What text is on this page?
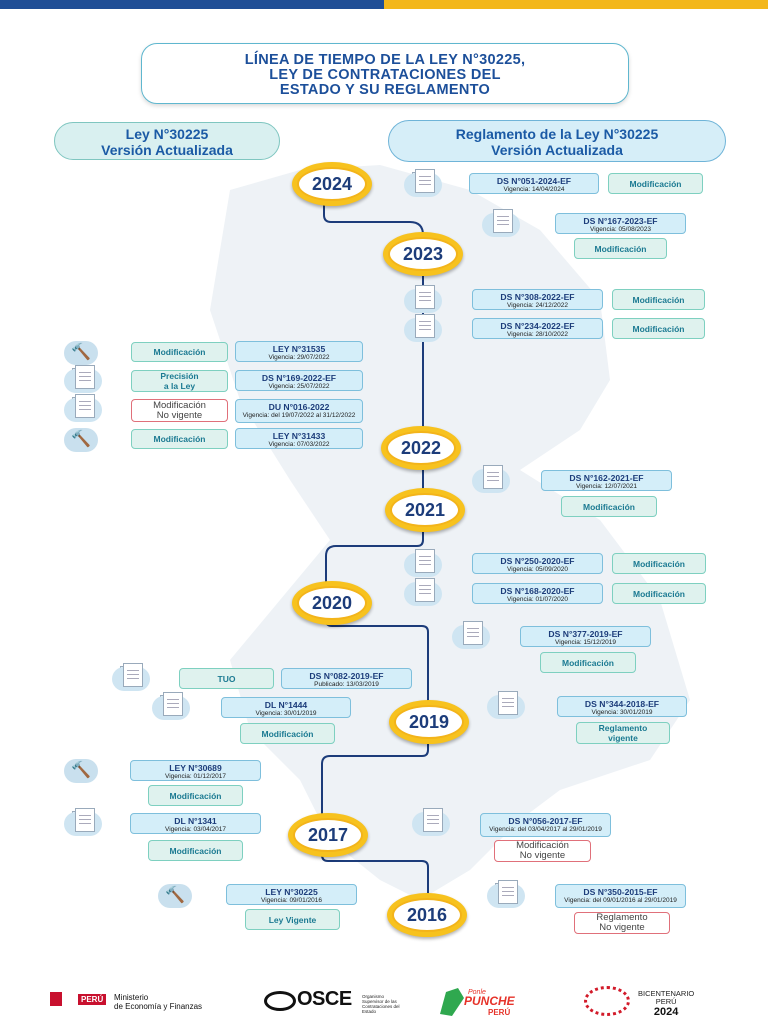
LÍNEA DE TIEMPO DE LA LEY N°30225,
LEY DE CONTRATACIONES DEL
ESTADO Y SU REGLAMENTO
Ley N°30225
Versión Actualizada
Reglamento de la Ley N°30225
Versión Actualizada
2024
2023
2022
2021
2020
2019
2017
2016
DS N°051-2024-EF
Vigencia: 14/04/2024
Modificación
DS N°167-2023-EF
Vigencia: 05/08/2023
Modificación
DS N°308-2022-EF
Vigencia: 24/12/2022
Modificación
DS N°234-2022-EF
Vigencia: 28/10/2022
Modificación
DS N°162-2021-EF
Vigencia: 12/07/2021
Modificación
DS N°250-2020-EF
Vigencia: 05/09/2020
Modificación
DS N°168-2020-EF
Vigencia: 01/07/2020
Modificación
DS N°377-2019-EF
Vigencia: 15/12/2019
Modificación
DS N°344-2018-EF
Vigencia: 30/01/2019
Reglamento
vigente
DS N°056-2017-EF
Vigencia: del 03/04/2017 al 29/01/2019
Modificación
No vigente
DS N°350-2015-EF
Vigencia: del 09/01/2016 al 29/01/2019
Reglamento
No vigente
🔨	Modificación	LEY N°31535
Vigencia: 29/07/2022
Precisión
a la Ley
DS N°169-2022-EF
Vigencia: 25/07/2022
Modificación
No vigente
DU N°016-2022
Vigencia: del 19/07/2022 al 31/12/2022
🔨	Modificación	LEY N°31433
Vigencia: 07/03/2022
TUO	DS N°082-2019-EF
Publicado: 13/03/2019
DL N°1444
Vigencia: 30/01/2019
Modificación
🔨	LEY N°30689
Vigencia: 01/12/2017
Modificación
DL N°1341
Vigencia: 03/04/2017
Modificación
🔨	LEY N°30225
Vigencia: 09/01/2016
Ley Vigente
PERÚ	Ministerio
de Economía y Finanzas	OSCE Organismo Supervisor de las Contrataciones del Estado
Ponle
PUNCHE
PERÚ
BICENTENARIO
PERÚ
2024
